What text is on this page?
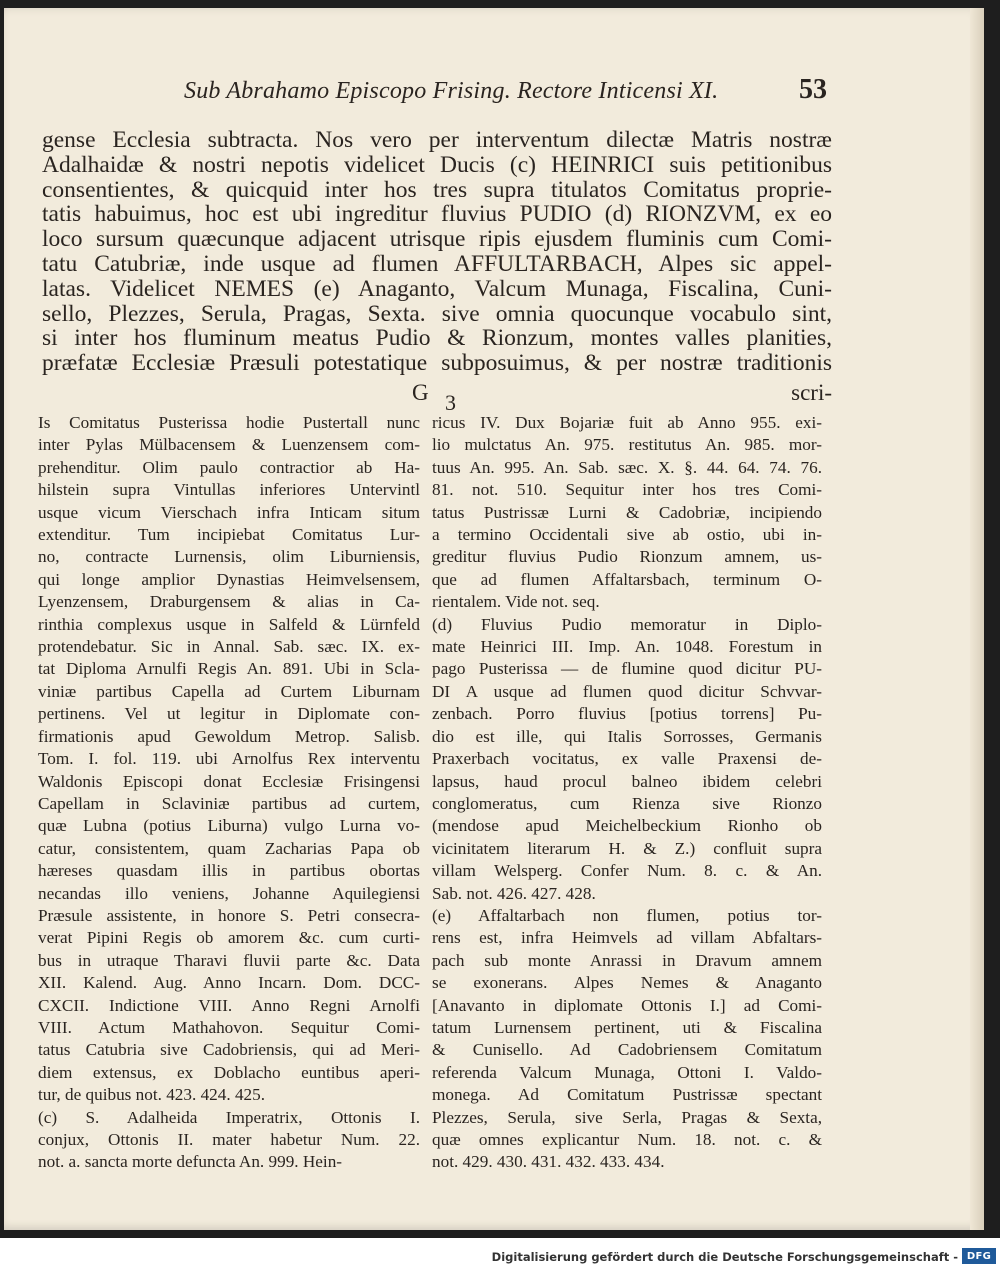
Sub Abrahamo Episcopo Frising. Rectore Inticensi XI.	53
gense Ecclesia subtracta. Nos vero per interventum dilectæ Matris nostræ
Adalhaidæ & nostri nepotis videlicet Ducis (c) HEINRICI suis petitionibus
consentientes, & quicquid inter hos tres supra titulatos Comitatus proprie-
tatis habuimus, hoc est ubi ingreditur fluvius PUDIO (d) RIONZVM, ex eo
loco sursum quæcunque adjacent utrisque ripis ejusdem fluminis cum Comi-
tatu Catubriæ, inde usque ad flumen AFFULTARBACH, Alpes sic appel-
latas. Videlicet NEMES (e) Anaganto, Valcum Munaga, Fiscalina, Cuni-
sello, Plezzes, Serula, Pragas, Sexta. sive omnia quocunque vocabulo sint,
si inter hos fluminum meatus Pudio & Rionzum, montes valles planities,
præfatæ Ecclesiæ Præsuli potestatique subposuimus, & per nostræ traditionis
G 3	scri-
Is Comitatus Pusterissa hodie Pustertall nunc
inter Pylas Mülbacensem & Luenzensem com-
prehenditur. Olim paulo contractior ab Ha-
hilstein supra Vintullas inferiores Untervintl
usque vicum Vierschach infra Inticam situm
extenditur. Tum incipiebat Comitatus Lur-
no, contracte Lurnensis, olim Liburniensis,
qui longe amplior Dynastias Heimvelsensem,
Lyenzensem, Draburgensem & alias in Ca-
rinthia complexus usque in Salfeld & Lürnfeld
protendebatur. Sic in Annal. Sab. sæc. IX. ex-
tat Diploma Arnulfi Regis An. 891. Ubi in Scla-
viniæ partibus Capella ad Curtem Liburnam
pertinens. Vel ut legitur in Diplomate con-
firmationis apud Gewoldum Metrop. Salisb.
Tom. I. fol. 119. ubi Arnolfus Rex interventu
Waldonis Episcopi donat Ecclesiæ Frisingensi
Capellam in Sclaviniæ partibus ad curtem,
quæ Lubna (potius Liburna) vulgo Lurna vo-
catur, consistentem, quam Zacharias Papa ob
hæreses quasdam illis in partibus obortas
necandas illo veniens, Johanne Aquilegiensi
Præsule assistente, in honore S. Petri consecra-
verat Pipini Regis ob amorem &c. cum curti-
bus in utraque Tharavi fluvii parte &c. Data
XII. Kalend. Aug. Anno Incarn. Dom. DCC-
CXCII. Indictione VIII. Anno Regni Arnolfi
VIII. Actum Mathahovon. Sequitur Comi-
tatus Catubria sive Cadobriensis, qui ad Meri-
diem extensus, ex Doblacho euntibus aperi-
tur, de quibus not. 423. 424. 425.
(c) S. Adalheida Imperatrix, Ottonis I.
conjux, Ottonis II. mater habetur Num. 22.
not. a. sancta morte defuncta An. 999. Hein-
ricus IV. Dux Bojariæ fuit ab Anno 955. exi-
lio mulctatus An. 975. restitutus An. 985. mor-
tuus An. 995. An. Sab. sæc. X. §. 44. 64. 74. 76.
81. not. 510. Sequitur inter hos tres Comi-
tatus Pustrissæ Lurni & Cadobriæ, incipiendo
a termino Occidentali sive ab ostio, ubi in-
greditur fluvius Pudio Rionzum amnem, us-
que ad flumen Affaltarsbach, terminum O-
rientalem. Vide not. seq.
(d) Fluvius Pudio memoratur in Diplo-
mate Heinrici III. Imp. An. 1048. Forestum in
pago Pusterissa — de flumine quod dicitur PU-
DI A usque ad flumen quod dicitur Schvvar-
zenbach. Porro fluvius [potius torrens] Pu-
dio est ille, qui Italis Sorrosses, Germanis
Praxerbach vocitatus, ex valle Praxensi de-
lapsus, haud procul balneo ibidem celebri
conglomeratus, cum Rienza sive Rionzo
(mendose apud Meichelbeckium Rionho ob
vicinitatem literarum H. & Z.) confluit supra
villam Welsperg. Confer Num. 8. c. & An.
Sab. not. 426. 427. 428.
(e) Affaltarbach non flumen, potius tor-
rens est, infra Heimvels ad villam Abfaltars-
pach sub monte Anrassi in Dravum amnem
se exonerans. Alpes Nemes & Anaganto
[Anavanto in diplomate Ottonis I.] ad Comi-
tatum Lurnensem pertinent, uti & Fiscalina
& Cunisello. Ad Cadobriensem Comitatum
referenda Valcum Munaga, Ottoni I. Valdo-
monega. Ad Comitatum Pustrissæ spectant
Plezzes, Serula, sive Serla, Pragas & Sexta,
quæ omnes explicantur Num. 18. not. c. &
not. 429. 430. 431. 432. 433. 434.
Digitalisierung gefördert durch die Deutsche Forschungsgemeinschaft - DFG
